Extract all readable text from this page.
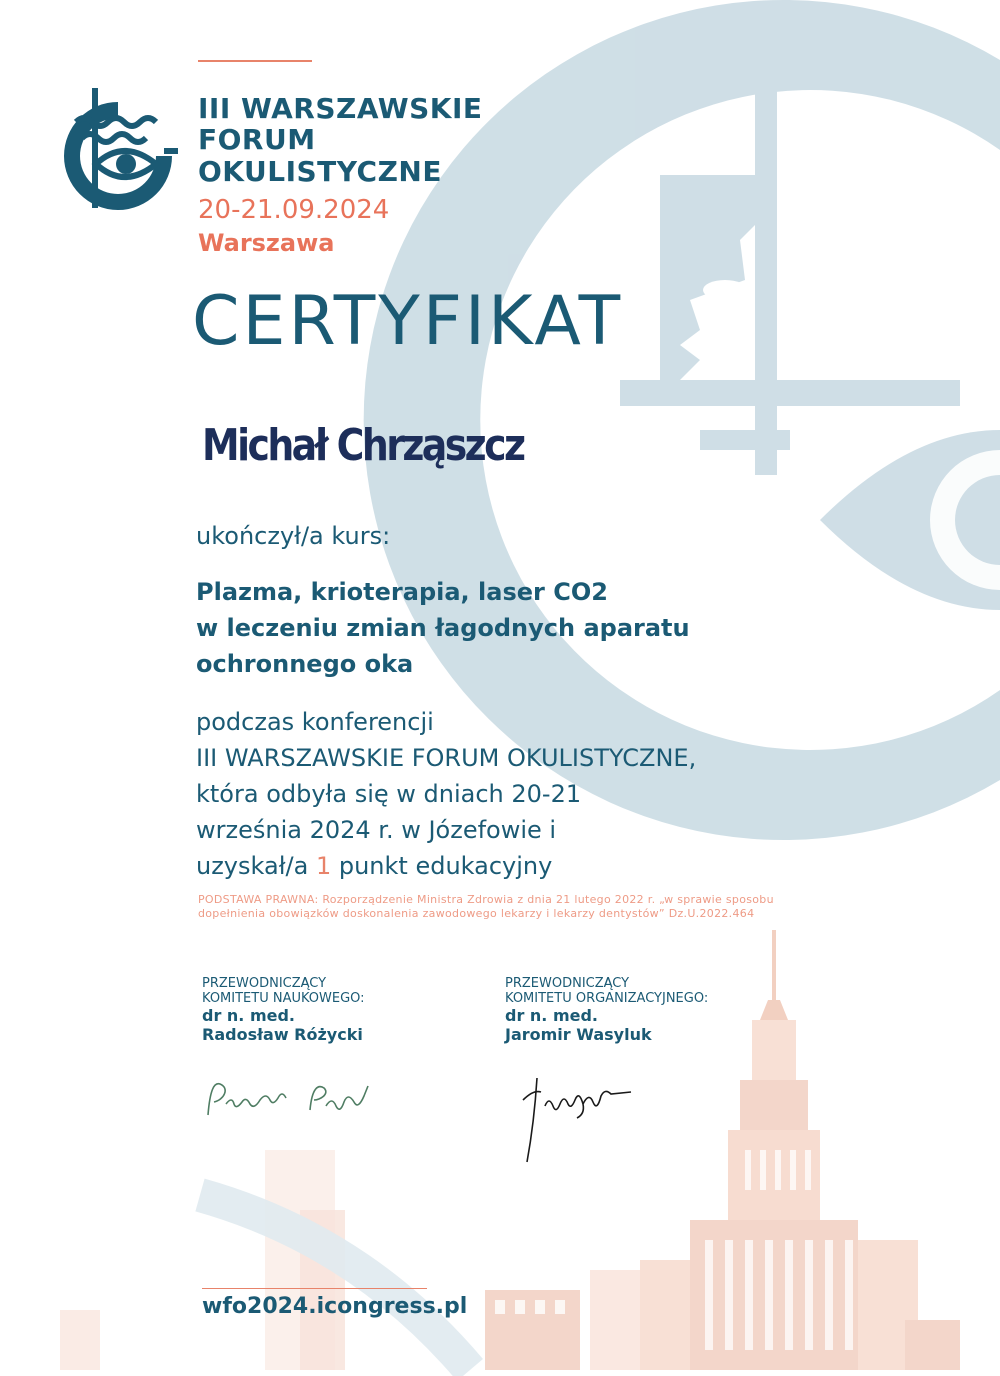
III WARSZAWSKIE

FORUM

OKULISTYCZNE

20-21.09.2024

Warszawa

CERTYFIKAT
Michał Chrząszcz

ukończył/a kurs:

Plazma, krioterapia, laser CO2
w leczeniu zmian łagodnych aparatu
ochronnego oka
podczas konferencji
III WARSZAWSKIE FORUM OKULISTYCZNE,
która odbyła się w dniach 20-21
września 2024 r. w Józefowie i
uzyskał/a 1 punkt edukacyjny

PODSTAWA PRAWNA: Rozporządzenie Ministra Zdrowia z dnia 21 lutego 2022 r. „w sprawie sposobu dopełnienia obowiązków doskonalenia zawodowego lekarzy i lekarzy dentystów” Dz.U.2022.464

PRZEWODNICZĄCY

KOMITETU NAUKOWEGO:

dr n. med.

Radosław Różycki

PRZEWODNICZĄCY

KOMITETU ORGANIZACYJNEGO:

dr n. med.

Jaromir Wasyluk

wfo2024.icongress.pl
